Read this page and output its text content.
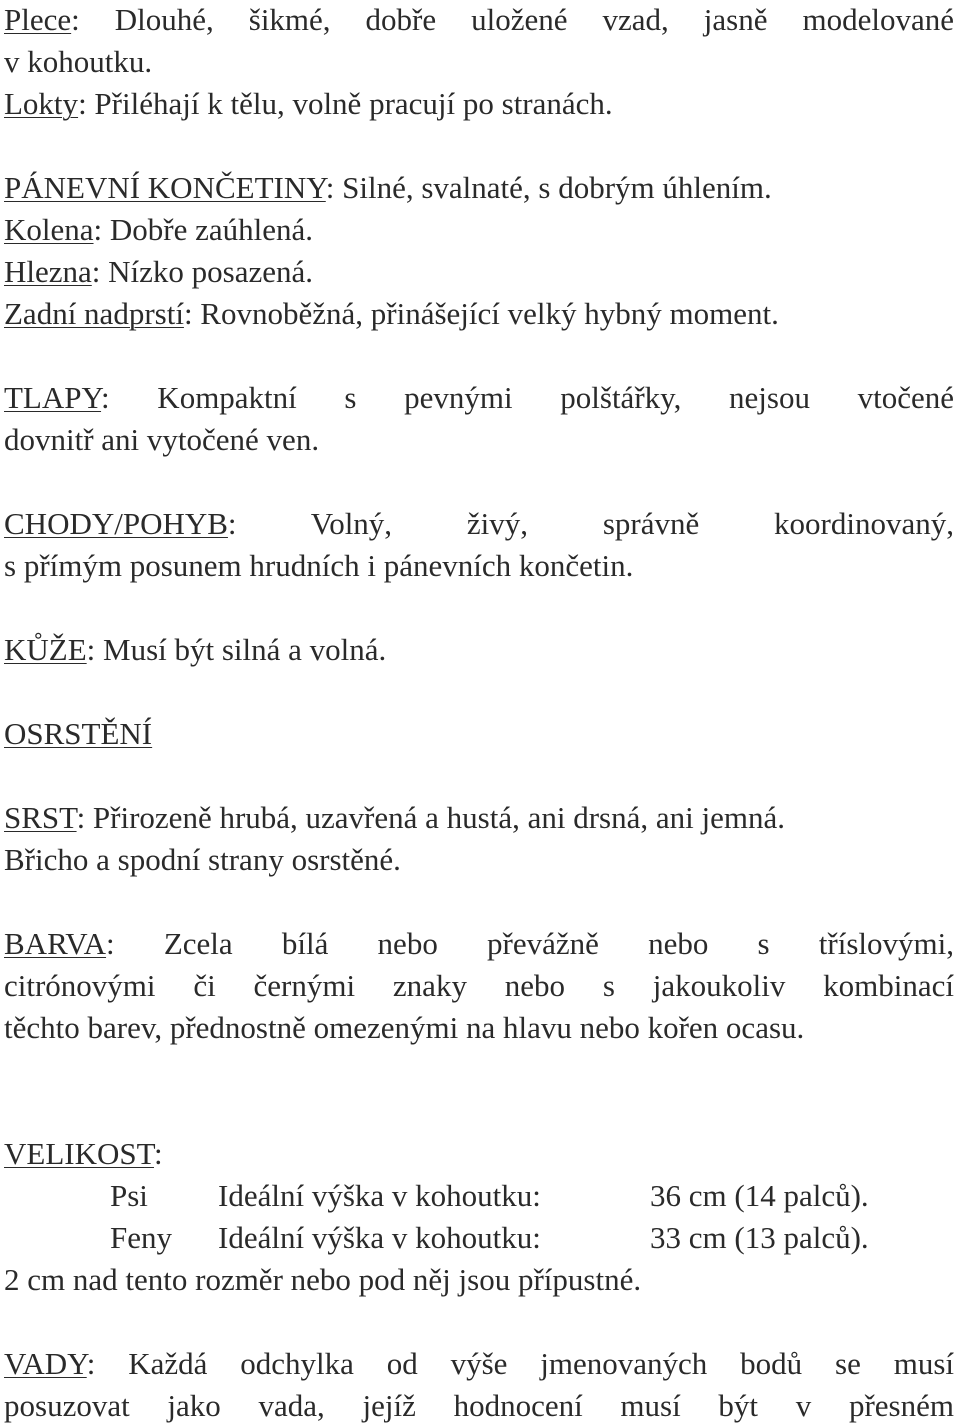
Plece: Dlouhé, šikmé, dobře uložené vzad, jasně modelované
v kohoutku.
Lokty: Přiléhají k tělu, volně pracují po stranách.
PÁNEVNÍ KONČETINY: Silné, svalnaté, s dobrým úhlením.
Kolena: Dobře zaúhlená.
Hlezna: Nízko posazená.
Zadní nadprstí: Rovnoběžná, přinášející velký hybný moment.
TLAPY: Kompaktní s pevnými polštářky, nejsou vtočené
dovnitř ani vytočené ven.
CHODY/POHYB: Volný, živý, správně koordinovaný,
s přímým posunem hrudních i pánevních končetin.
KŮŽE: Musí být silná a volná.
OSRSTĚNÍ
SRST: Přirozeně hrubá, uzavřená a hustá, ani drsná, ani jemná.
Břicho a spodní strany osrstěné.
BARVA: Zcela bílá nebo převážně nebo s tříslovými,
citrónovými či černými znaky nebo s jakoukoliv kombinací
těchto barev, přednostně omezenými na hlavu nebo kořen ocasu.
VELIKOST:
Psi Ideální výška v kohoutku:	36 cm (14 palců).
Feny Ideální výška v kohoutku:	33 cm (13 palců).
2 cm nad tento rozměr nebo pod něj jsou přípustné.
VADY: Každá odchylka od výše jmenovaných bodů se musí
posuzovat jako vada, jejíž hodnocení musí být v přesném
